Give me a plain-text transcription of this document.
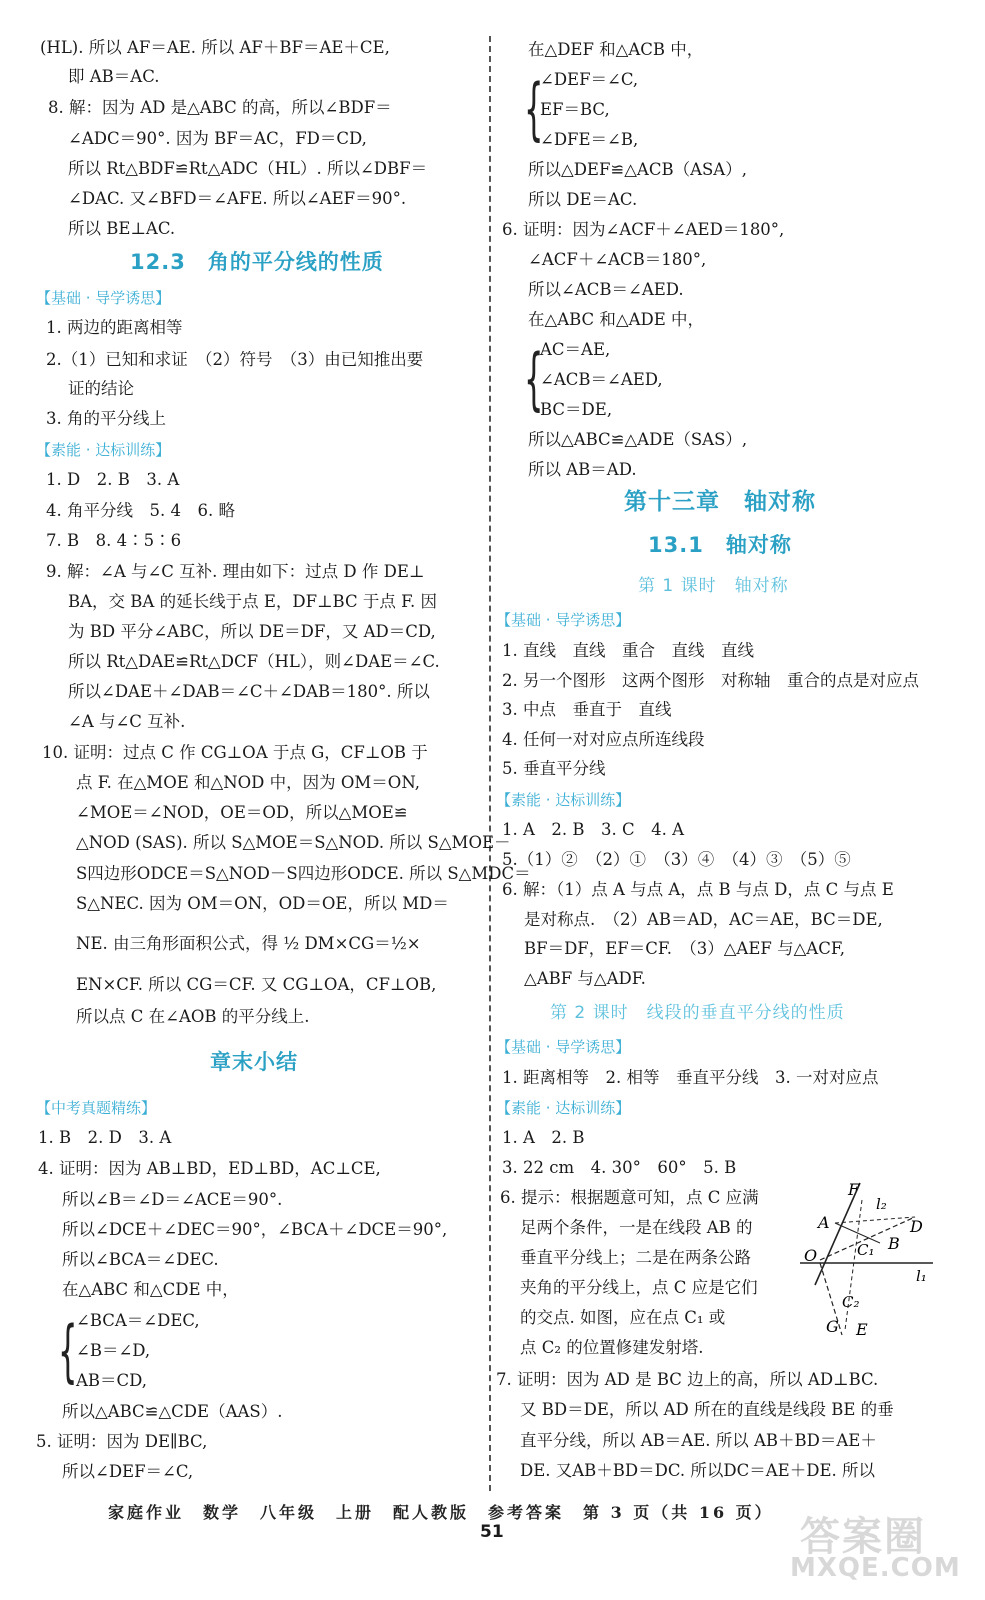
(HL). 所以 AF＝AE. 所以 AF＋BF＝AE＋CE,
即 AB＝AC.
8. 解：因为 AD 是△ABC 的高，所以∠BDF＝
∠ADC＝90°. 因为 BF＝AC，FD＝CD,
所以 Rt△BDF≌Rt△ADC（HL）. 所以∠DBF＝
∠DAC. 又∠BFD＝∠AFE. 所以∠AEF＝90°.
所以 BE⊥AC.
12.3　角的平分线的性质
【基础 · 导学诱思】
1. 两边的距离相等
2.（1）已知和求证　（2）符号　（3）由已知推出要
证的结论
3. 角的平分线上
【素能 · 达标训练】
1. D　2. B　3. A
4. 角平分线　5. 4　6. 略
7. B　8. 4∶5∶6
9. 解：∠A 与∠C 互补. 理由如下：过点 D 作 DE⊥
BA，交 BA 的延长线于点 E，DF⊥BC 于点 F. 因
为 BD 平分∠ABC，所以 DE＝DF，又 AD＝CD,
所以 Rt△DAE≌Rt△DCF（HL），则∠DAE＝∠C.
所以∠DAE＋∠DAB＝∠C＋∠DAB＝180°. 所以
∠A 与∠C 互补.
10. 证明：过点 C 作 CG⊥OA 于点 G，CF⊥OB 于
点 F. 在△MOE 和△NOD 中，因为 OM＝ON,
∠MOE＝∠NOD，OE＝OD，所以△MOE≌
△NOD (SAS). 所以 S△MOE＝S△NOD. 所以 S△MOE－
S四边形ODCE＝S△NOD－S四边形ODCE. 所以 S△MDC＝
S△NEC. 因为 OM＝ON，OD＝OE，所以 MD＝
NE. 由三角形面积公式，得 ½ DM×CG＝½×
EN×CF. 所以 CG＝CF. 又 CG⊥OA，CF⊥OB,
所以点 C 在∠AOB 的平分线上.
章末小结
【中考真题精练】
1. B　2. D　3. A
4. 证明：因为 AB⊥BD，ED⊥BD，AC⊥CE,
所以∠B＝∠D＝∠ACE＝90°.
所以∠DCE＋∠DEC＝90°，∠BCA＋∠DCE＝90°,
所以∠BCA＝∠DEC.
在△ABC 和△CDE 中，
{
∠BCA＝∠DEC,
∠B＝∠D,
AB＝CD,
所以△ABC≌△CDE（AAS）.
5. 证明：因为 DE∥BC,
所以∠DEF＝∠C,
在△DEF 和△ACB 中，
{
∠DEF＝∠C,
EF＝BC,
∠DFE＝∠B,
所以△DEF≌△ACB（ASA）,
所以 DE＝AC.
6. 证明：因为∠ACF＋∠AED＝180°,
∠ACF＋∠ACB＝180°,
所以∠ACB＝∠AED.
在△ABC 和△ADE 中，
{
AC＝AE,
∠ACB＝∠AED,
BC＝DE,
所以△ABC≌△ADE（SAS）,
所以 AB＝AD.
第十三章　轴对称
13.1　轴对称
第 1 课时　轴对称
【基础 · 导学诱思】
1. 直线　直线　重合　直线　直线
2. 另一个图形　这两个图形　对称轴　重合的点是对应点
3. 中点　垂直于　直线
4. 任何一对对应点所连线段
5. 垂直平分线
【素能 · 达标训练】
1. A　2. B　3. C　4. A
5.（1）②　（2）①　（3）④　（4）③　（5）⑤
6. 解：（1）点 A 与点 A，点 B 与点 D，点 C 与点 E
是对称点.　（2）AB＝AD，AC＝AE，BC＝DE,
BF＝DF，EF＝CF.　（3）△AEF 与△ACF,
△ABF 与△ADF.
第 2 课时　线段的垂直平分线的性质
【基础 · 导学诱思】
1. 距离相等　2. 相等　垂直平分线　3. 一对对应点
【素能 · 达标训练】
1. A　2. B
3. 22 cm　4. 30°　60°　5. B
6. 提示：根据题意可知，点 C 应满
足两个条件，一是在线段 AB 的
垂直平分线上；二是在两条公路
夹角的平分线上，点 C 应是它们
的交点. 如图，应在点 C₁ 或
点 C₂ 的位置修建发射塔.
7. 证明：因为 AD 是 BC 边上的高，所以 AD⊥BC.
又 BD＝DE，所以 AD 所在的直线是线段 BE 的垂
直平分线，所以 AB＝AE. 所以 AB＋BD＝AE＋
DE. 又AB＋BD＝DC. 所以DC＝AE＋DE. 所以
F
l₂
A	D
C₁ B
O
l₁
C₂
G E
家庭作业　数学　八年级　上册　配人教版　参考答案　第 3 页（共 16 页）
51	答案圈
MXQE.COM
